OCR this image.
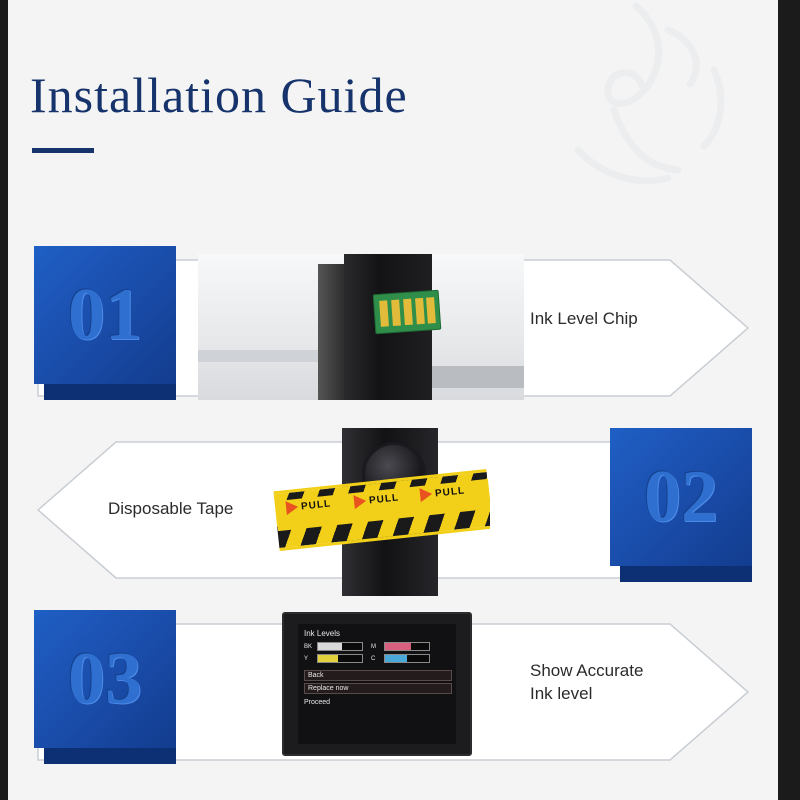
Installation Guide
01	Ink Level Chip
PULL	PULL	PULL	02
Disposable Tape
Ink Levels
BK
Y
M
C
Back
Replace now
Proceed
03	Show Accurate
Ink level
